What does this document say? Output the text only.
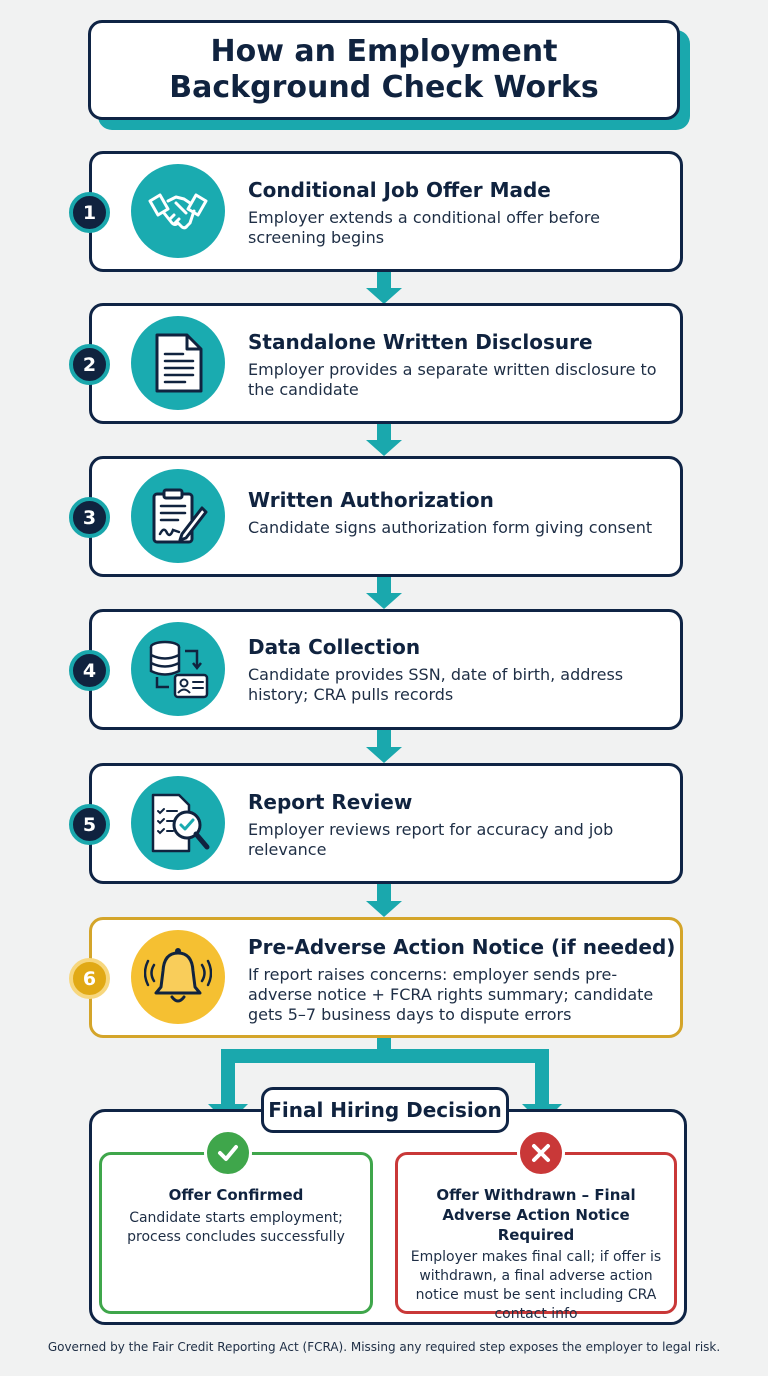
How an Employment Background Check Works
1
Conditional Job Offer Made
Employer extends a conditional offer before screening begins
2
Standalone Written Disclosure
Employer provides a separate written disclosure to the candidate
3
Written Authorization
Candidate signs authorization form giving consent
4
Data Collection
Candidate provides SSN, date of birth, address history; CRA pulls records
5
Report Review
Employer reviews report for accuracy and job relevance
6
Pre-Adverse Action Notice (if needed)
If report raises concerns: employer sends pre-adverse notice + FCRA rights summary; candidate gets 5–7 business days to dispute errors
Offer Confirmed
Candidate starts employment; process concludes successfully
Offer Withdrawn – Final Adverse Action Notice Required
Employer makes final call; if offer is withdrawn, a final adverse action notice must be sent including CRA contact info
Final Hiring Decision
Governed by the Fair Credit Reporting Act (FCRA). Missing any required step exposes the employer to legal risk.
